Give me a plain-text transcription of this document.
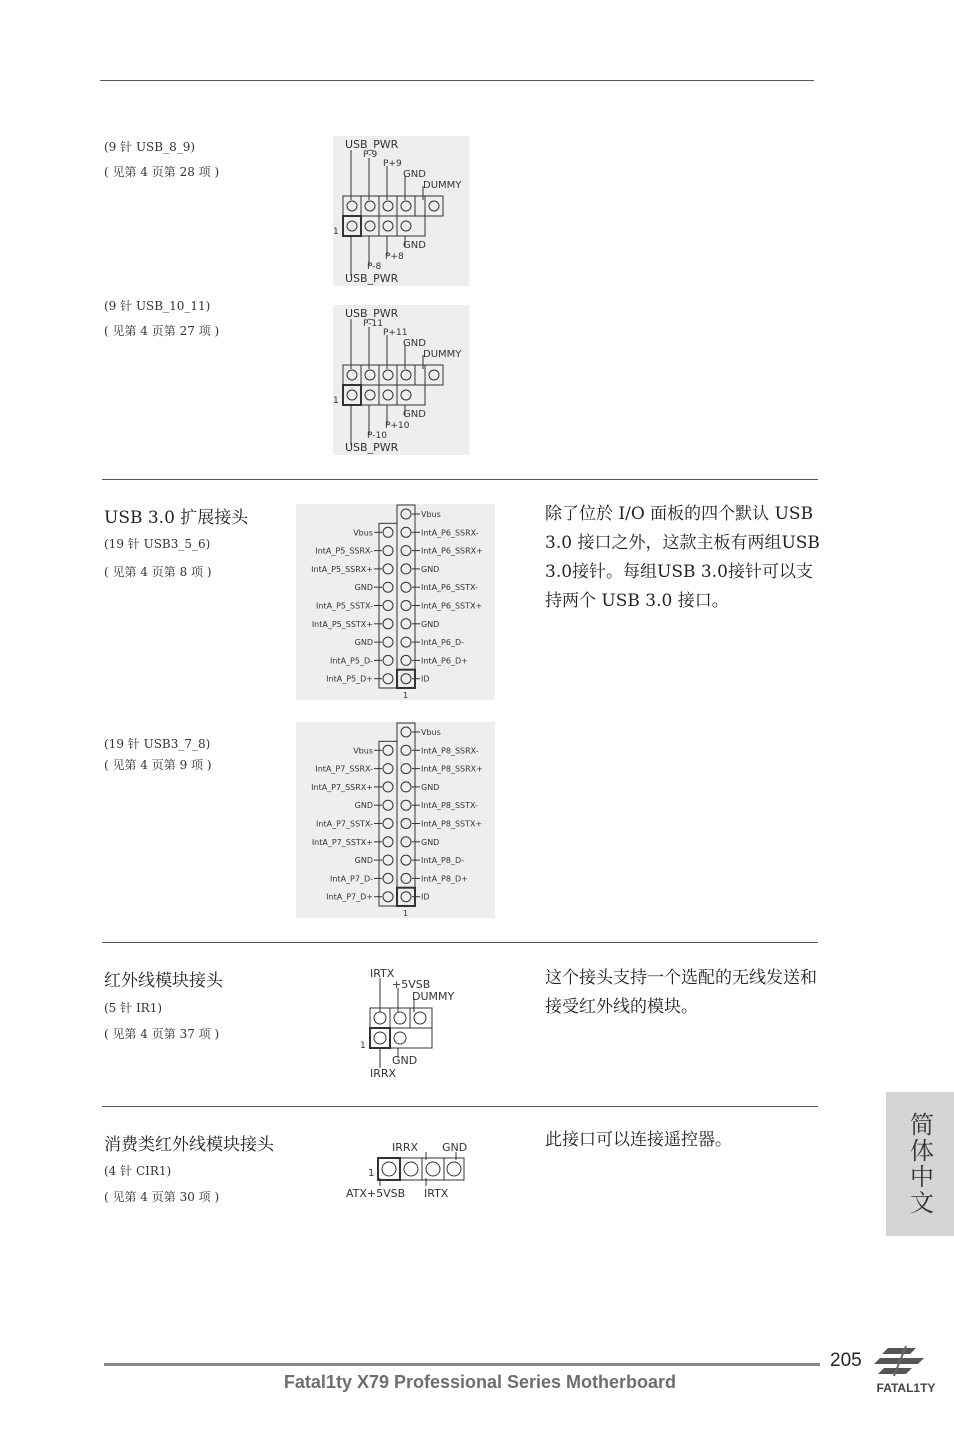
(9 针 USB_8_9)
( 见第 4 页第 28 项 )
USB_PWR
P-9
P+9
GND
DUMMY
1
GND
P+8
P-8
USB_PWR
(9 针 USB_10_11)
( 见第 4 页第 27 项 )
USB_PWR
P-11
P+11
GND
DUMMY
1
GND
P+10
P-10
USB_PWR
USB 3.0 扩展接头
(19 针 USB3_5_6)
( 见第 4 页第 8 项 )
Vbus
IntA_P6_SSRX-
IntA_P6_SSRX+
GND
IntA_P6_SSTX-
IntA_P6_SSTX+
GND
IntA_P6_D-
IntA_P6_D+
ID
Vbus
IntA_P5_SSRX-
IntA_P5_SSRX+
GND
IntA_P5_SSTX-
IntA_P5_SSTX+
GND
IntA_P5_D-
IntA_P5_D+
1
除了位於 I/O 面板的四个默认 USB 3.0 接口之外，这款主板有两组USB 3.0接针。每组USB 3.0接针可以支持两个 USB 3.0 接口。
(19 针 USB3_7_8)
( 见第 4 页第 9 项 )
Vbus
IntA_P8_SSRX-
IntA_P8_SSRX+
GND
IntA_P8_SSTX-
IntA_P8_SSTX+
GND
IntA_P8_D-
IntA_P8_D+
ID
Vbus
IntA_P7_SSRX-
IntA_P7_SSRX+
GND
IntA_P7_SSTX-
IntA_P7_SSTX+
GND
IntA_P7_D-
IntA_P7_D+
1
红外线模块接头
(5 针 IR1)
( 见第 4 页第 37 项 )
IRTX
+5VSB
DUMMY
1
GND
IRRX
这个接头支持一个选配的无线发送和接受红外线的模块。
消费类红外线模块接头
(4 针 CIR1)
( 见第 4 页第 30 项 )
IRRX GND
1
ATX+5VSB IRTX
此接口可以连接遥控器。	简体中文
205
Fatal1ty X79 Professional Series Motherboard	FATAL1TY
